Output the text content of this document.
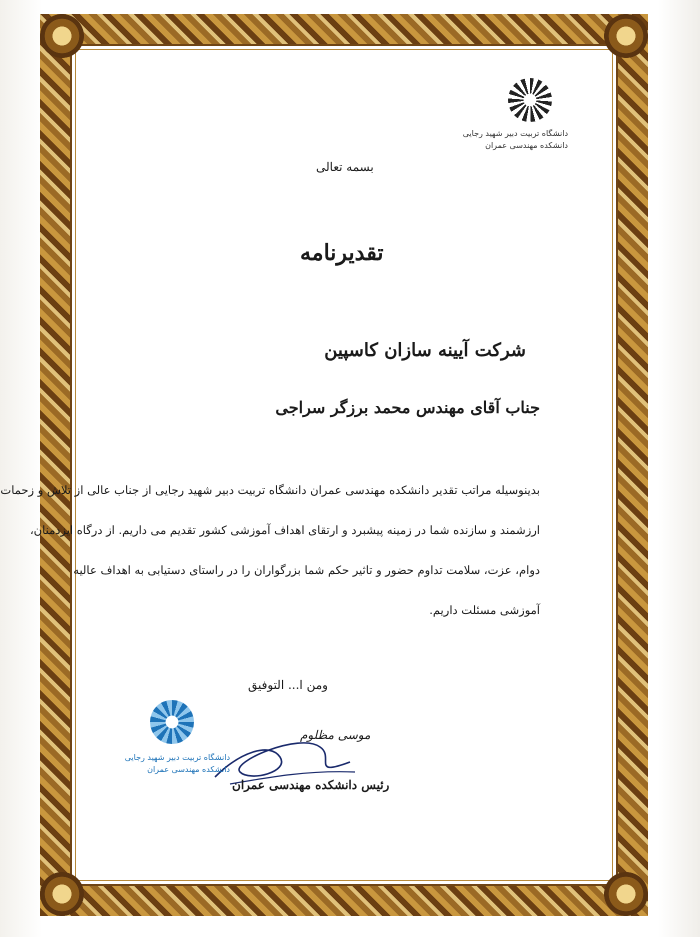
دانشگاه تربیت دبیر شهید رجایی
دانشکده مهندسی عمران
بسمه تعالی
تقدیرنامه
شرکت آیینه سازان کاسپین
جناب آقای مهندس محمد برزگر سراجی
بدینوسیله مراتب تقدیر دانشکده مهندسی عمران دانشگاه تربیت دبیر شهید رجایی از جناب عالی از تلاش و زحمات
ارزشمند و سازنده شما در زمینه پیشبرد و ارتقای اهداف آموزشی کشور تقدیم می داریم. از درگاه ایزدمنان،
دوام، عزت، سلامت تداوم حضور و تاثیر حکم شما بزرگواران را در راستای دستیابی به اهداف عالیه
آموزشی مسئلت داریم.
ومن ا... التوفیق
موسی مظلوم
رئیس دانشکده مهندسی عمران
دانشگاه تربیت دبیر شهید رجایی
دانشکده مهندسی عمران
